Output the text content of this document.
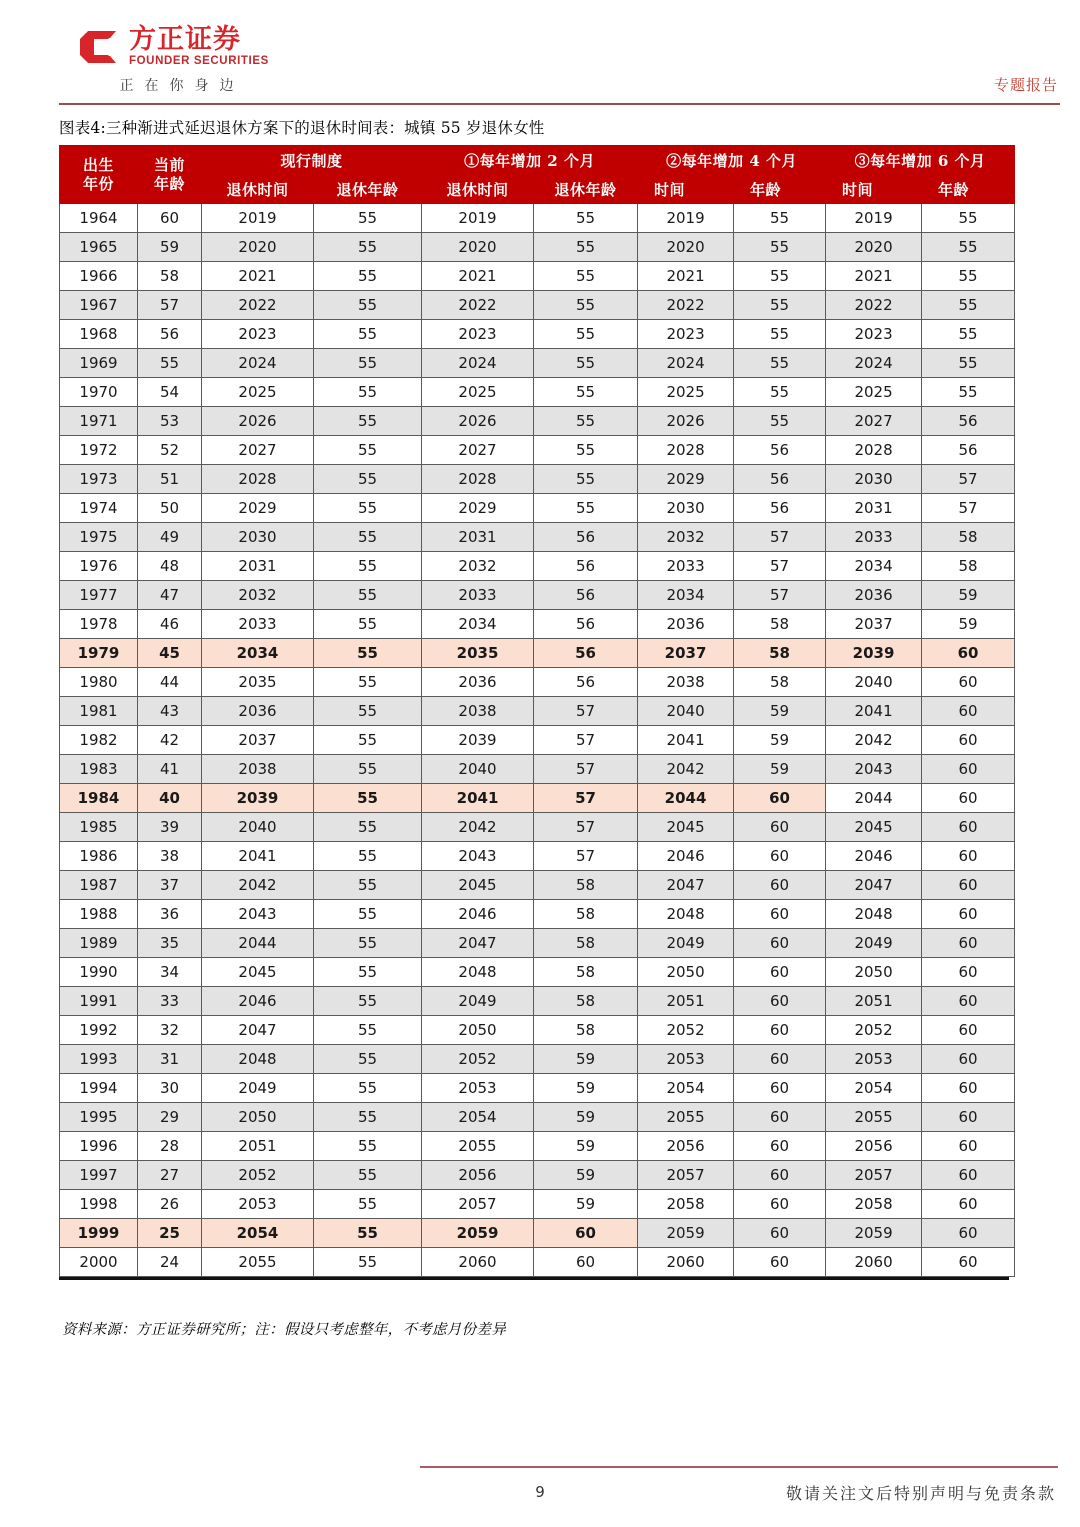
方正证券
FOUNDER SECURITIES
正在你身边	专题报告
图表4:三种渐进式延迟退休方案下的退休时间表：城镇 55 岁退休女性
出生
年份	当前
年龄	现行制度		①每年增加 2 个月		②每年增加 4 个月		③每年增加 6 个月	
		退休时间	退休年龄	退休时间	退休年龄	时间	年龄	时间	年龄
1964	60	2019	55	2019	55	2019	55	2019	55
1965	59	2020	55	2020	55	2020	55	2020	55
1966	58	2021	55	2021	55	2021	55	2021	55
1967	57	2022	55	2022	55	2022	55	2022	55
1968	56	2023	55	2023	55	2023	55	2023	55
1969	55	2024	55	2024	55	2024	55	2024	55
1970	54	2025	55	2025	55	2025	55	2025	55
1971	53	2026	55	2026	55	2026	55	2027	56
1972	52	2027	55	2027	55	2028	56	2028	56
1973	51	2028	55	2028	55	2029	56	2030	57
1974	50	2029	55	2029	55	2030	56	2031	57
1975	49	2030	55	2031	56	2032	57	2033	58
1976	48	2031	55	2032	56	2033	57	2034	58
1977	47	2032	55	2033	56	2034	57	2036	59
1978	46	2033	55	2034	56	2036	58	2037	59
1979	45	2034	55	2035	56	2037	58	2039	60
1980	44	2035	55	2036	56	2038	58	2040	60
1981	43	2036	55	2038	57	2040	59	2041	60
1982	42	2037	55	2039	57	2041	59	2042	60
1983	41	2038	55	2040	57	2042	59	2043	60
1984	40	2039	55	2041	57	2044	60	2044	60
1985	39	2040	55	2042	57	2045	60	2045	60
1986	38	2041	55	2043	57	2046	60	2046	60
1987	37	2042	55	2045	58	2047	60	2047	60
1988	36	2043	55	2046	58	2048	60	2048	60
1989	35	2044	55	2047	58	2049	60	2049	60
1990	34	2045	55	2048	58	2050	60	2050	60
1991	33	2046	55	2049	58	2051	60	2051	60
1992	32	2047	55	2050	58	2052	60	2052	60
1993	31	2048	55	2052	59	2053	60	2053	60
1994	30	2049	55	2053	59	2054	60	2054	60
1995	29	2050	55	2054	59	2055	60	2055	60
1996	28	2051	55	2055	59	2056	60	2056	60
1997	27	2052	55	2056	59	2057	60	2057	60
1998	26	2053	55	2057	59	2058	60	2058	60
1999	25	2054	55	2059	60	2059	60	2059	60
2000	24	2055	55	2060	60	2060	60	2060	60
资料来源：方正证券研究所；注：假设只考虑整年，不考虑月份差异
9	敬请关注文后特别声明与免责条款
